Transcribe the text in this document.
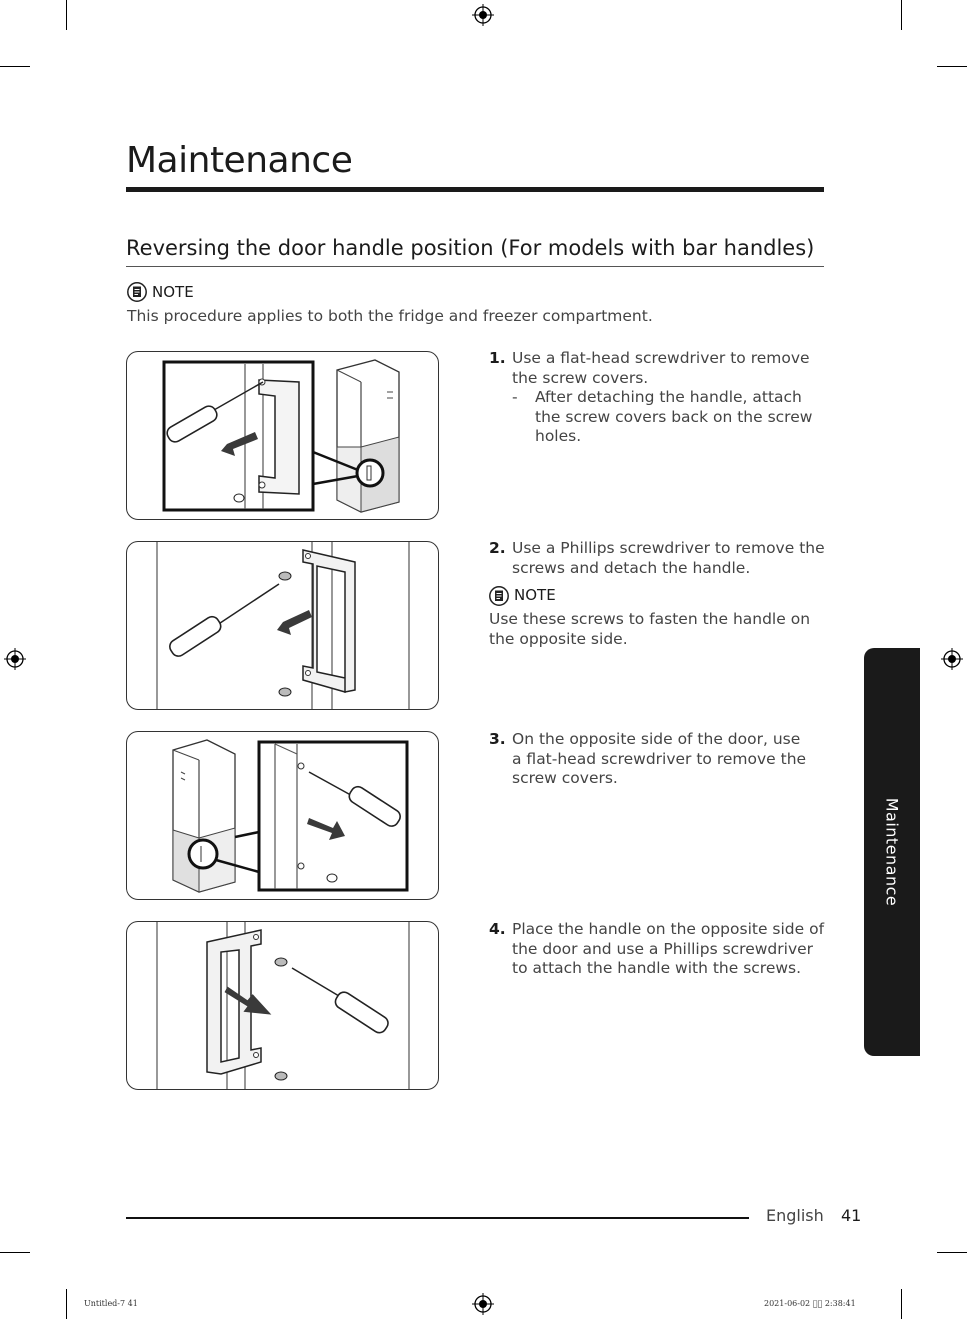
Maintenance
Reversing the door handle position (For models with bar handles)
NOTE
This procedure applies to both the fridge and freezer compartment.
1. Use a flat-head screwdriver to remove
the screw covers.
-	After detaching the handle, attach
the screw covers back on the screw
holes.
2. Use a Phillips screwdriver to remove the
screws and detach the handle.
NOTE
Use these screws to fasten the handle on
the opposite side.
3. On the opposite side of the door, use
a flat-head screwdriver to remove the
screw covers.
4. Place the handle on the opposite side of
the door and use a Phillips screwdriver
to attach the handle with the screws.
Maintenance
English 41
Untitled-7 41	2021-06-02    2:38:41
